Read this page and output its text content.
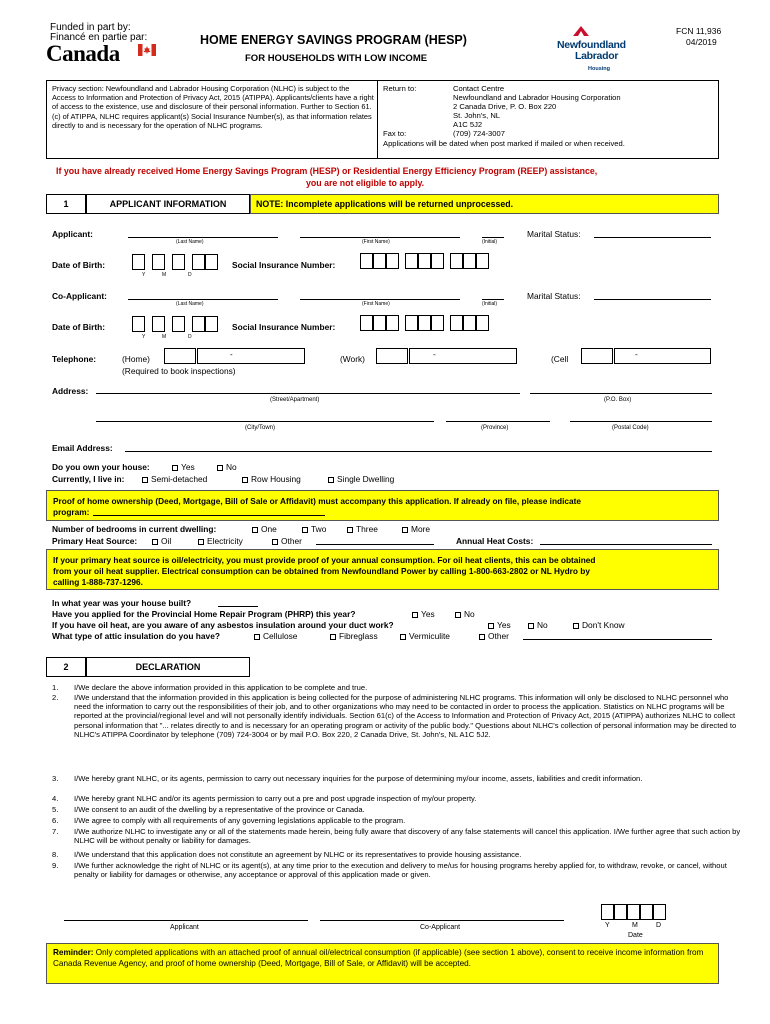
Funded in part by:
Financé en partie par:
Canada
HOME ENERGY SAVINGS PROGRAM (HESP)
FOR HOUSEHOLDS WITH LOW INCOME
Newfoundland
Labrador
Housing
FCN 11,936
04/2019
Privacy section: Newfoundland and Labrador Housing Corporation (NLHC) is subject to the Access to Information and Protection of Privacy Act, 2015 (ATIPPA). Applicants/clients have a right of access to the existence, use and disclosure of their personal information. Further to Section 61.(c) of ATIPPA, NLHC requires applicant(s) Social Insurance Number(s), as that information relates directly to and is necessary for the operation of NLHC programs.
Return to:	Contact Centre
Newfoundland and Labrador Housing Corporation
2 Canada Drive, P. O. Box 220
St. John's, NL
A1C 5J2
Fax to:	(709) 724-3007
Applications will be dated when post marked if mailed or when received.
If you have already received Home Energy Savings Program (HESP) or Residential Energy Efficiency Program (REEP) assistance,
you are not eligible to apply.
1	APPLICANT INFORMATION	NOTE: Incomplete applications will be returned unprocessed.
Applicant:
(Last Name)	(First Name)	(Initial)
Marital Status:
Date of Birth:
Y	M	D
Social Insurance Number:
Co-Applicant:
(Last Name)	(First Name)	(Initial)
Marital Status:
Date of Birth:
Y	M	D
Social Insurance Number:
Telephone:	(Home)	-	(Work)	-	(Cell	-
(Required to book inspections)
Address:
(Street/Apartment)	(P.O. Box)
(City/Town)	(Province)	(Postal Code)
Email Address:
Do you own your house:	Yes	No
Currently, I live in:	Semi-detached	Row Housing	Single Dwelling
Proof of home ownership (Deed, Mortgage, Bill of Sale or Affidavit) must accompany this application. If already on file, please indicate
program:
Number of bedrooms in current dwelling:	One	Two	Three	More
Primary Heat Source:	Oil	Electricity	Other	Annual Heat Costs:
If your primary heat source is oil/electricity, you must provide proof of your annual consumption. For oil heat clients, this can be obtained
from your oil heat supplier. Electrical consumption can be obtained from Newfoundland Power by calling 1-800-663-2802 or NL Hydro by
calling 1-888-737-1296.
In what year was your house built?
Have you applied for the Provincial Home Repair Program (PHRP) this year?	Yes	No
If you have oil heat, are you aware of any asbestos insulation around your duct work?	Yes	No	Don't Know
What type of attic insulation do you have?	Cellulose	Fibreglass	Vermiculite	Other
2	DECLARATION
1. I/We declare the above information provided in this application to be complete and true.
2. I/We understand that the information provided in this application is being collected for the purpose of administering NLHC programs. This information will only be disclosed to NLHC personnel who need the information to carry out the responsibilities of their job, and to other organizations who may need to be contacted in order to process the application. Statistics on NLHC programs will be reported at the provincial/regional level and will not personally identify individuals. Section 61(c) of the Access to Information and Protection of Privacy Act, 2015 (ATIPPA) authorizes NLHC to collect personal information that "... relates directly to and is necessary for an operating program or activity of the public body." Questions about NLHC's collection of personal information may be directed to NLHC's ATIPPA Coordinator by telephone (709) 724-3004 or by mail P.O. Box 220, 2 Canada Drive, St. John's, NL A1C 5J2.
3. I/We hereby grant NLHC, or its agents, permission to carry out necessary inquiries for the purpose of determining my/our income, assets, liabilities and credit information.
4. I/We hereby grant NLHC and/or its agents permission to carry out a pre and post upgrade inspection of my/our property.
5. I/We consent to an audit of the dwelling by a representative of the province or Canada.
6. I/We agree to comply with all requirements of any governing legislations applicable to the program.
7. I/We authorize NLHC to investigate any or all of the statements made herein, being fully aware that discovery of any false statements will cancel this application. I/We further agree that such action by NLHC will be without penalty or liability for damages.
8. I/We understand that this application does not constitute an agreement by NLHC or its representatives to provide housing assistance.
9. I/We further acknowledge the right of NLHC or its agent(s), at any time prior to the execution and delivery to me/us for housing programs hereby applied for, to withdraw, revoke, or cancel, without penalty or liability for damages or otherwise, any acceptance or approval of this application made or given.
Applicant	Co-Applicant	Y	M	D
Date
Reminder: Only completed applications with an attached proof of annual oil/electrical consumption (if applicable) (see section 1 above), consent to receive income information from Canada Revenue Agency, and proof of home ownership (Deed, Mortgage, Bill of Sale, or Affidavit) will be accepted.
